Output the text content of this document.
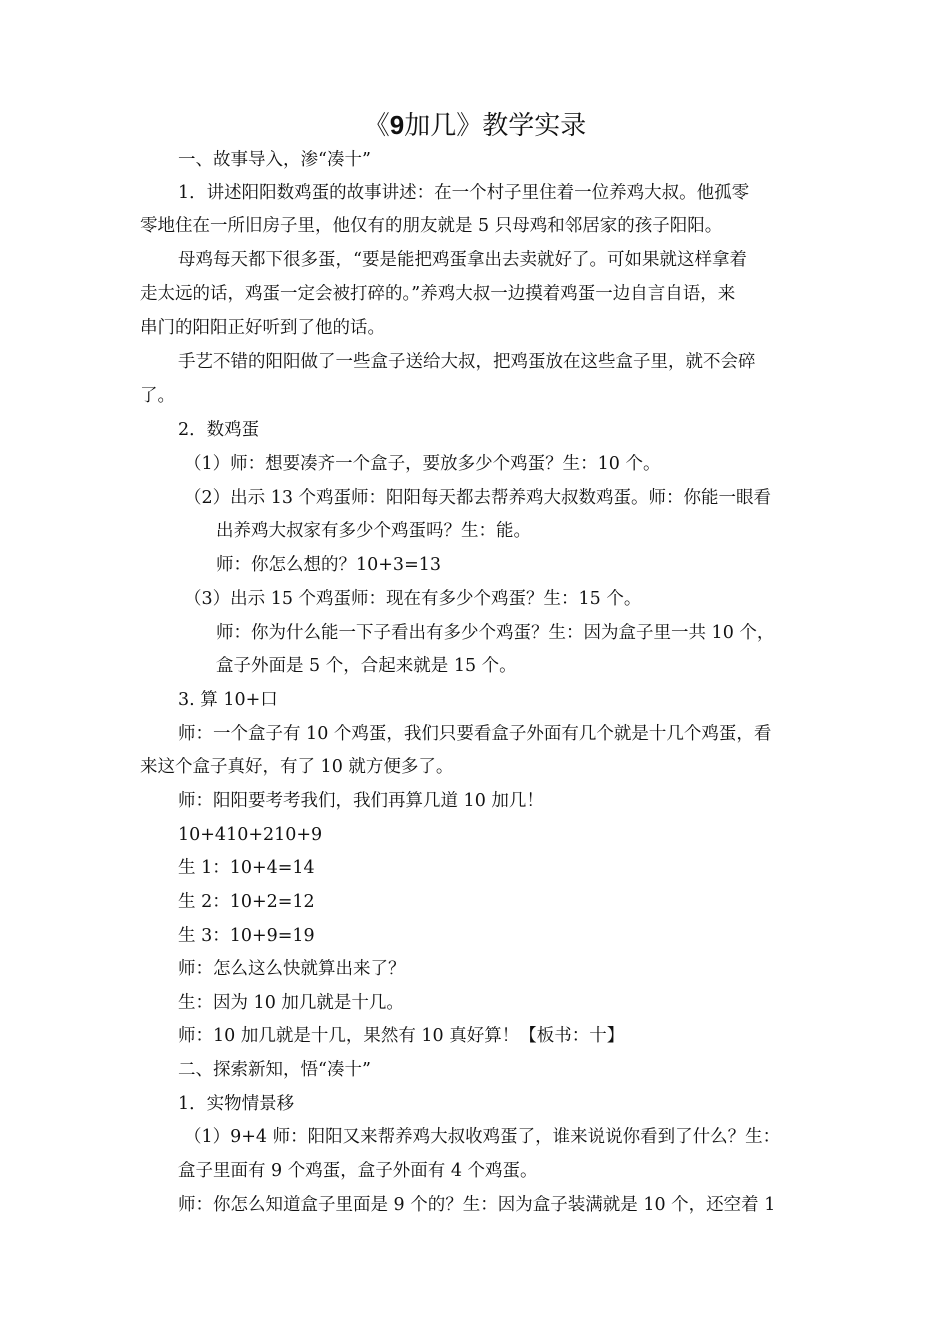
《9加几》教学实录
一、故事导入，渗“凑十”
1．讲述阳阳数鸡蛋的故事讲述：在一个村子里住着一位养鸡大叔。他孤零
零地住在一所旧房子里，他仅有的朋友就是 5 只母鸡和邻居家的孩子阳阳。
母鸡每天都下很多蛋，“要是能把鸡蛋拿出去卖就好了。可如果就这样拿着
走太远的话，鸡蛋一定会被打碎的。”养鸡大叔一边摸着鸡蛋一边自言自语，来
串门的阳阳正好听到了他的话。
手艺不错的阳阳做了一些盒子送给大叔，把鸡蛋放在这些盒子里，就不会碎
了。
2．数鸡蛋
（1）师：想要凑齐一个盒子，要放多少个鸡蛋？生：10 个。
（2）出示 13 个鸡蛋师：阳阳每天都去帮养鸡大叔数鸡蛋。师：你能一眼看
出养鸡大叔家有多少个鸡蛋吗？生：能。
师：你怎么想的？10+3=13
（3）出示 15 个鸡蛋师：现在有多少个鸡蛋？生：15 个。
师：你为什么能一下子看出有多少个鸡蛋？生：因为盒子里一共 10 个，
盒子外面是 5 个，合起来就是 15 个。
3. 算 10+口
师：一个盒子有 10 个鸡蛋，我们只要看盒子外面有几个就是十几个鸡蛋，看
来这个盒子真好，有了 10 就方便多了。
师：阳阳要考考我们，我们再算几道 10 加几！
10+410+210+9
生 1：10+4=14
生 2：10+2=12
生 3：10+9=19
师：怎么这么快就算出来了？
生：因为 10 加几就是十几。
师：10 加几就是十几，果然有 10 真好算！【板书：十】
二、探索新知，悟“凑十”
1．实物情景移
（1）9+4 师：阳阳又来帮养鸡大叔收鸡蛋了，谁来说说你看到了什么？生：
盒子里面有 9 个鸡蛋，盒子外面有 4 个鸡蛋。
师：你怎么知道盒子里面是 9 个的？生：因为盒子装满就是 10 个，还空着 1
